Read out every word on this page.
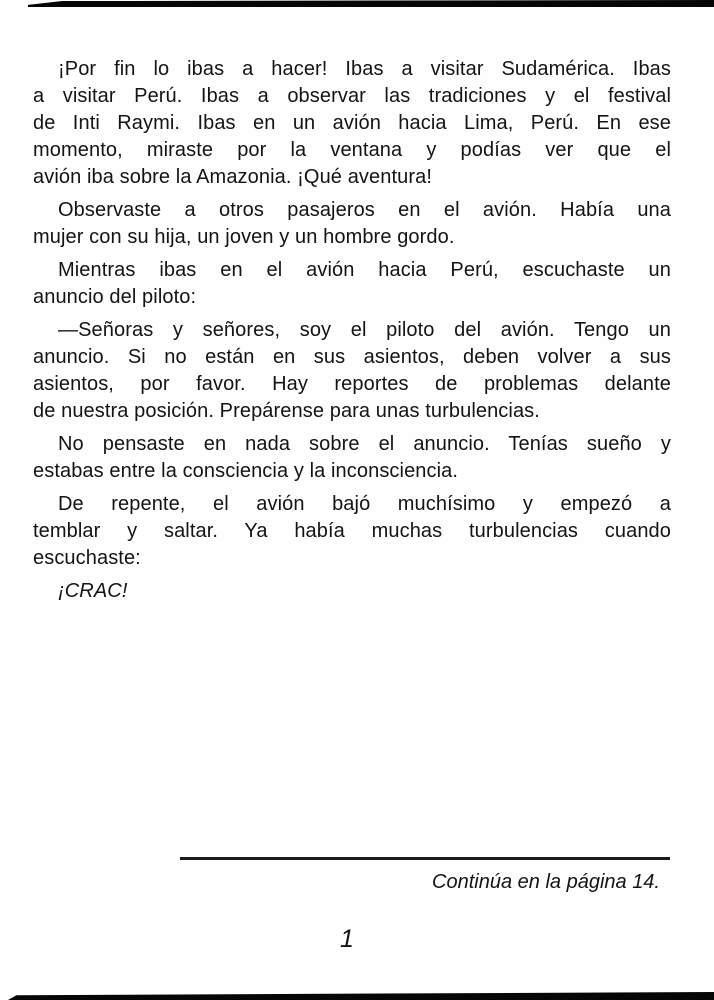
¡Por fin lo ibas a hacer! Ibas a visitar Sudamérica. Ibas
a visitar Perú. Ibas a observar las tradiciones y el festival
de Inti Raymi. Ibas en un avión hacia Lima, Perú. En ese
momento, miraste por la ventana y podías ver que el
avión iba sobre la Amazonia. ¡Qué aventura!
Observaste a otros pasajeros en el avión. Había una
mujer con su hija, un joven y un hombre gordo.
Mientras ibas en el avión hacia Perú, escuchaste un
anuncio del piloto:
—Señoras y señores, soy el piloto del avión. Tengo un
anuncio. Si no están en sus asientos, deben volver a sus
asientos, por favor. Hay reportes de problemas delante
de nuestra posición. Prepárense para unas turbulencias.
No pensaste en nada sobre el anuncio. Tenías sueño y
estabas entre la consciencia y la inconsciencia.
De repente, el avión bajó muchísimo y empezó a
temblar y saltar. Ya había muchas turbulencias cuando
escuchaste:
¡CRAC!
Continúa en la página 14.
1
